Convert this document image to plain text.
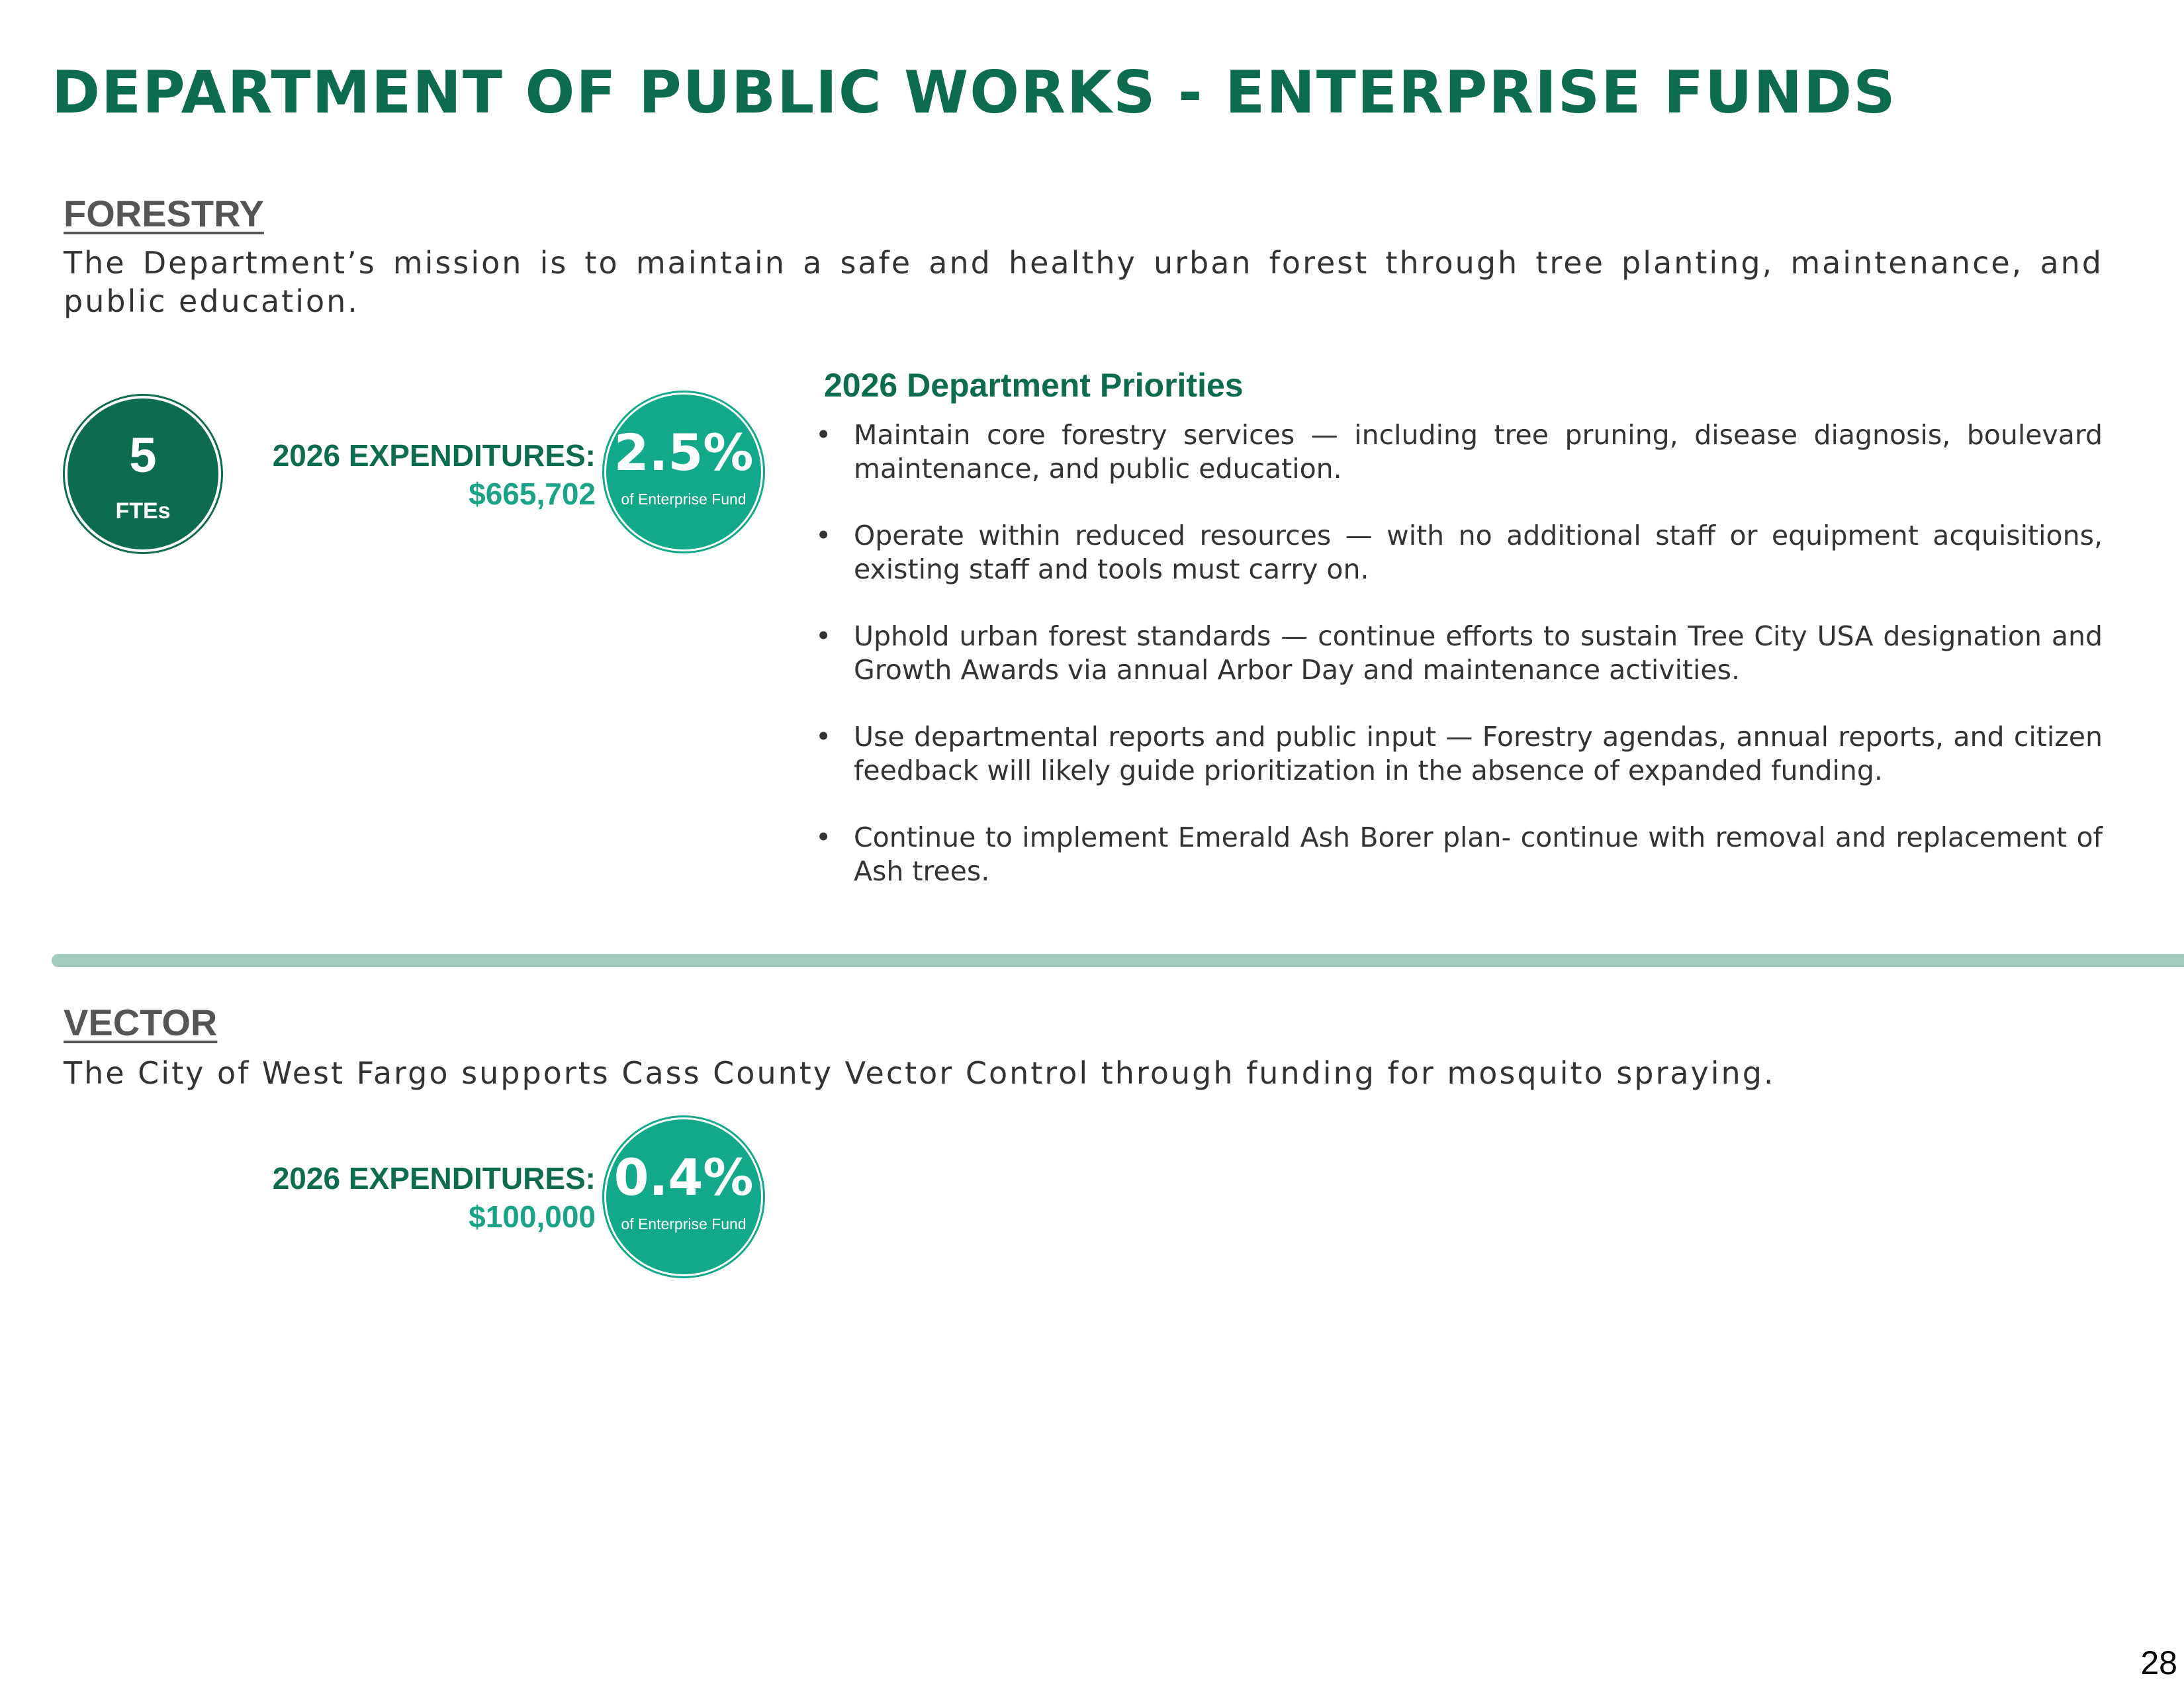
DEPARTMENT OF PUBLIC WORKS - ENTERPRISE FUNDS
FORESTRY

The Department’s mission is to maintain a safe and healthy urban forest through tree planting, maintenance, and public education.

5
FTEs
2026 EXPENDITURES:
$665,702
2.5%
of Enterprise Fund
2026 Department Priorities
• Maintain core forestry services — including tree pruning, disease diagnosis, boulevard maintenance, and public education.
• Operate within reduced resources — with no additional staff or equipment acquisitions, existing staff and tools must carry on.
• Uphold urban forest standards — continue efforts to sustain Tree City USA designation and Growth Awards via annual Arbor Day and maintenance activities.
• Use departmental reports and public input — Forestry agendas, annual reports, and citizen feedback will likely guide prioritization in the absence of expanded funding.
• Continue to implement Emerald Ash Borer plan- continue with removal and replacement of Ash trees.
VECTOR

The City of West Fargo supports Cass County Vector Control through funding for mosquito spraying.

2026 EXPENDITURES:
$100,000
0.4%
of Enterprise Fund
28
